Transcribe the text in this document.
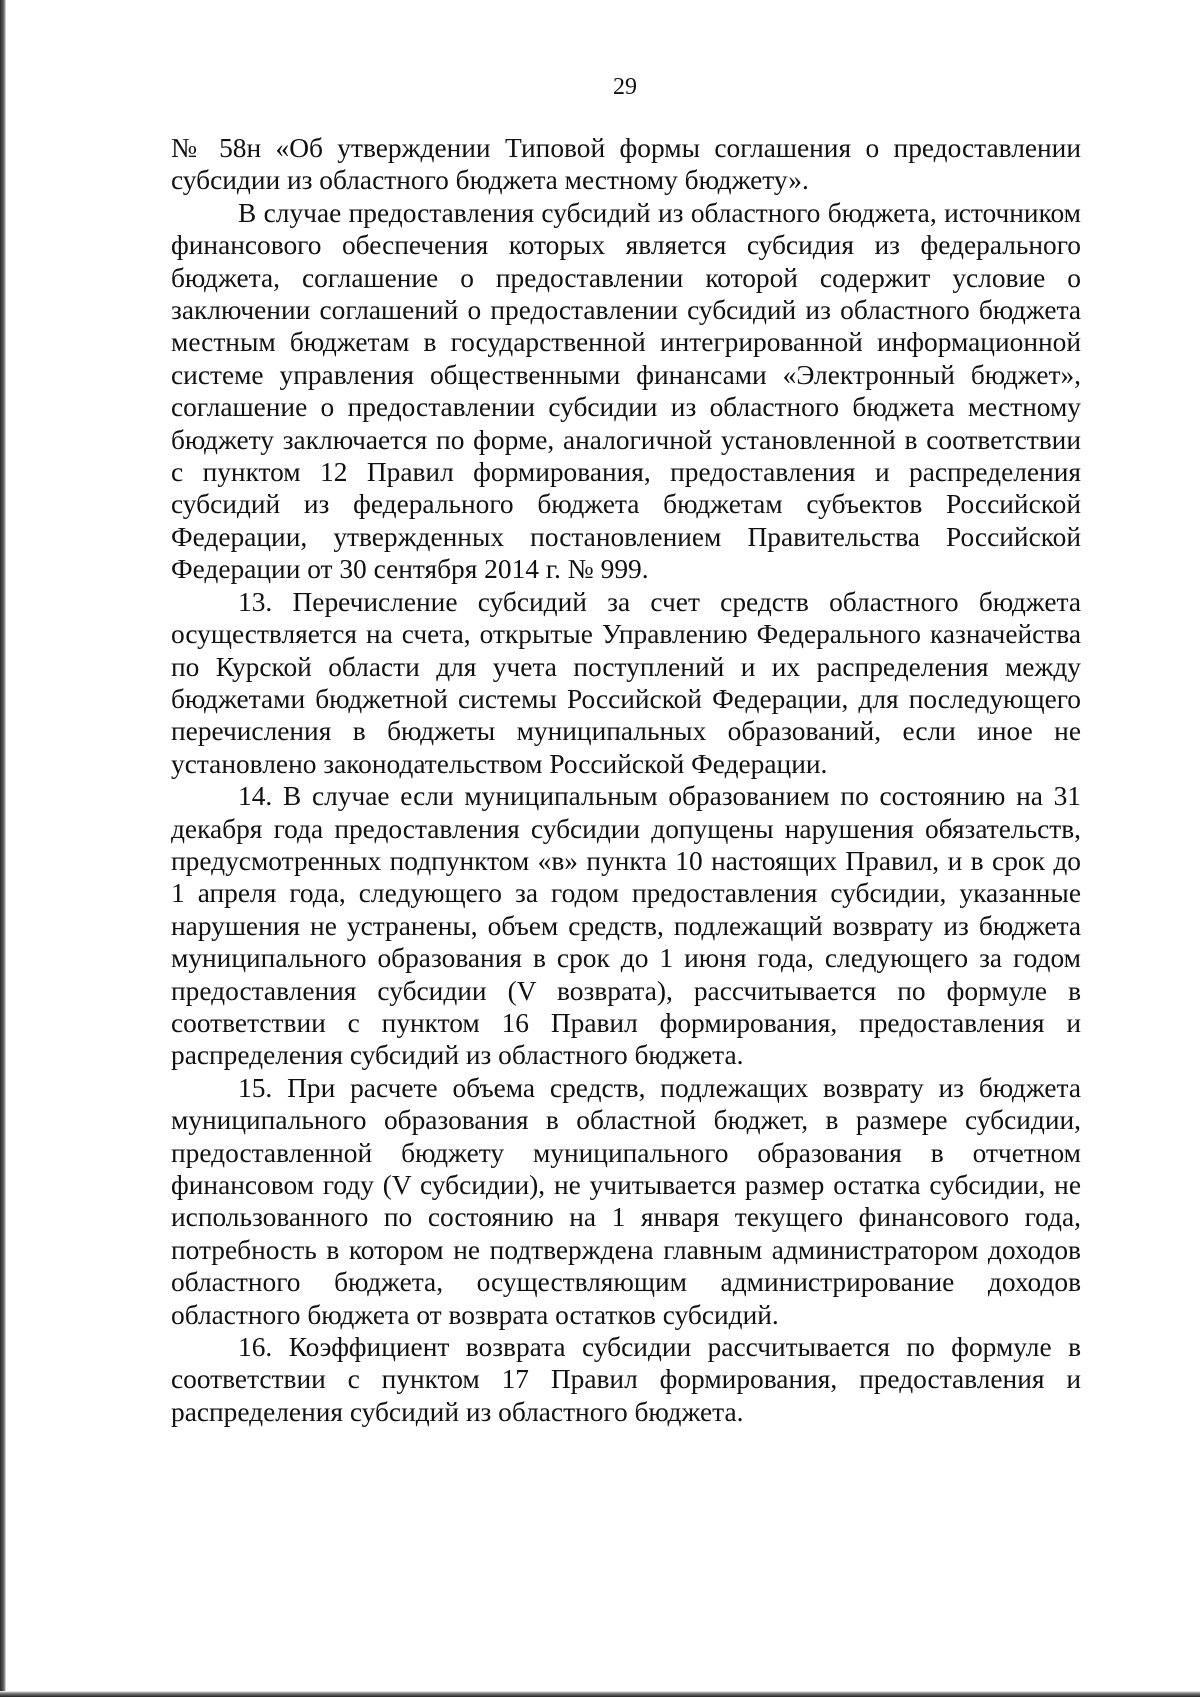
29

№ 58н «Об утверждении Типовой формы соглашения о предоставлении субсидии из областного бюджета местному бюджету».

В случае предоставления субсидий из областного бюджета, источником финансового обеспечения которых является субсидия из федерального бюджета, соглашение о предоставлении которой содержит условие о заключении соглашений о предоставлении субсидий из областного бюджета местным бюджетам в государственной интегрированной информационной системе управления общественными финансами «Электронный бюджет», соглашение о предоставлении субсидии из областного бюджета местному бюджету заключается по форме, аналогичной установленной в соответствии с пунктом 12 Правил формирования, предоставления и распределения субсидий из федерального бюджета бюджетам субъектов Российской Федерации, утвержденных постановлением Правительства Российской Федерации от 30 сентября 2014 г. № 999.

13. Перечисление субсидий за счет средств областного бюджета осуществляется на счета, открытые Управлению Федерального казначейства по Курской области для учета поступлений и их распределения между бюджетами бюджетной системы Российской Федерации, для последующего перечисления в бюджеты муниципальных образований, если иное не установлено законодательством Российской Федерации.

14. В случае если муниципальным образованием по состоянию на 31 декабря года предоставления субсидии допущены нарушения обязательств, предусмотренных подпунктом «в» пункта 10 настоящих Правил, и в срок до 1 апреля года, следующего за годом предоставления субсидии, указанные нарушения не устранены, объем средств, подлежащий возврату из бюджета муниципального образования в срок до 1 июня года, следующего за годом предоставления субсидии (V возврата), рассчитывается по формуле в соответствии с пунктом 16 Правил формирования, предоставления и распределения субсидий из областного бюджета.

15. При расчете объема средств, подлежащих возврату из бюджета муниципального образования в областной бюджет, в размере субсидии, предоставленной бюджету муниципального образования в отчетном финансовом году (V субсидии), не учитывается размер остатка субсидии, не использованного по состоянию на 1 января текущего финансового года, потребность в котором не подтверждена главным администратором доходов областного бюджета, осуществляющим администрирование доходов областного бюджета от возврата остатков субсидий.

16. Коэффициент возврата субсидии рассчитывается по формуле в соответствии с пунктом 17 Правил формирования, предоставления и распределения субсидий из областного бюджета.
